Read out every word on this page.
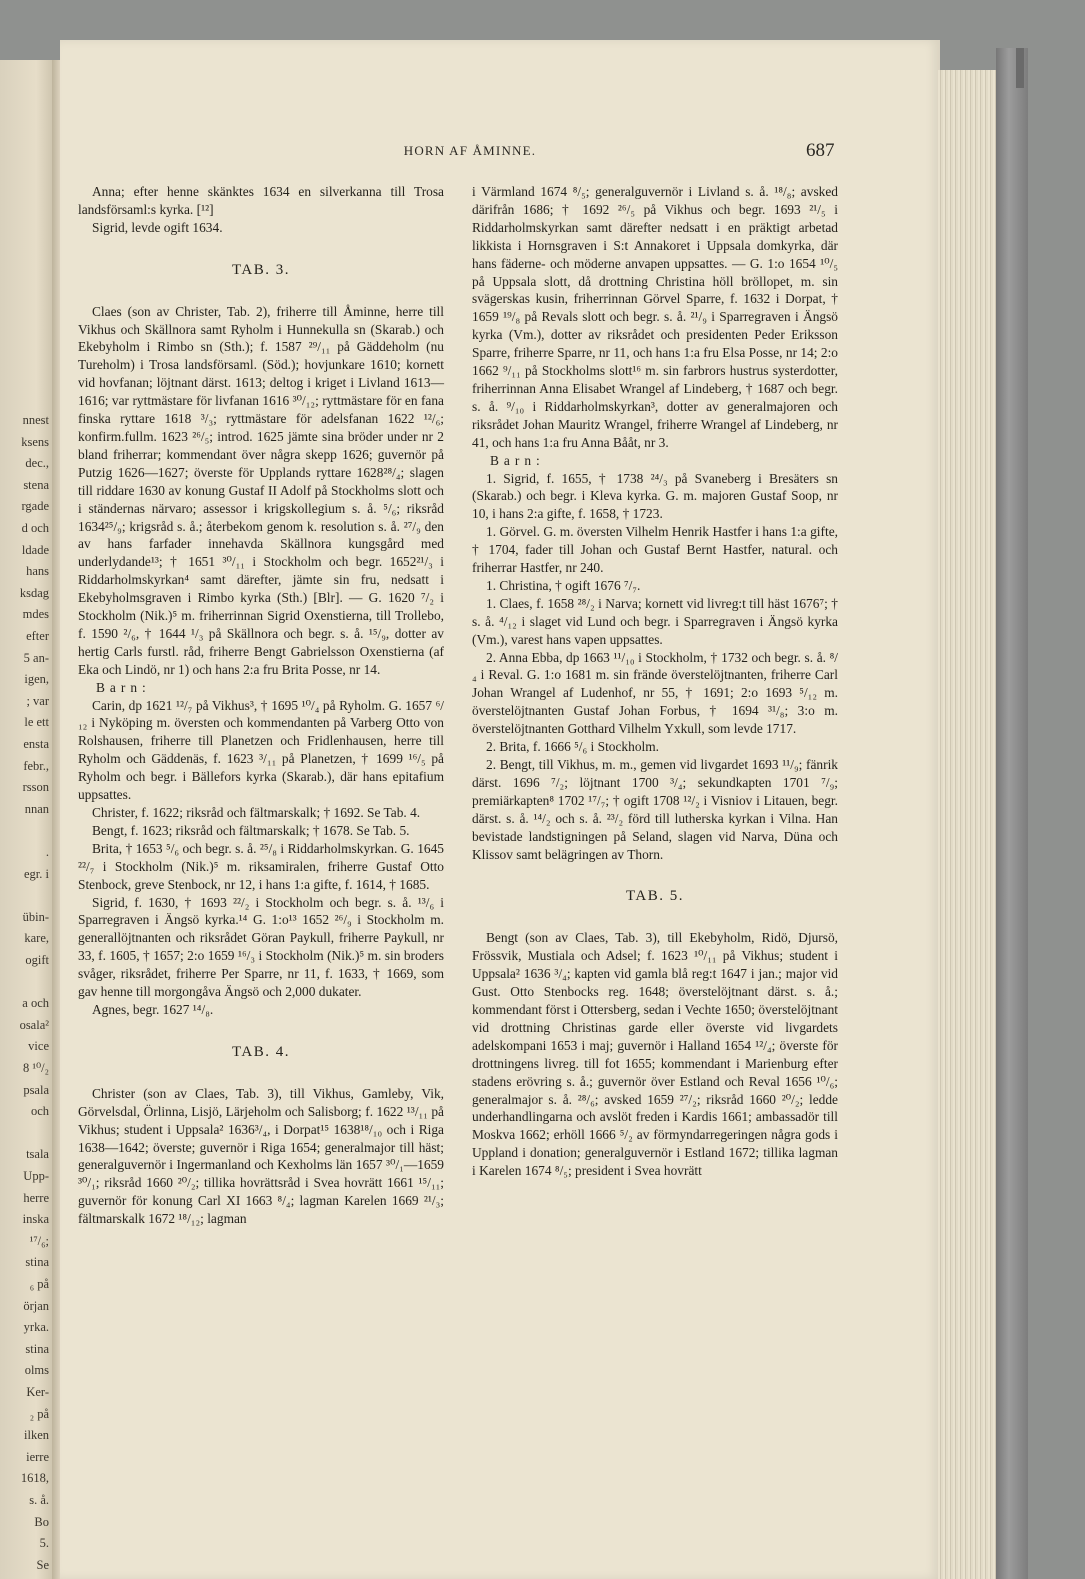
nnest
ksens
dec.,
stena
rgade
d och
ldade
hans
ksdag
mdes
efter
5 an-
igen,
; var
le ett
ensta
febr.,
rsson
nnan
.
egr. i
übin-
kare,
ogift
a och
osala²
vice
8 ¹⁰/₂
psala
och
tsala
Upp-
herre
inska
¹⁷/₆;
stina
₆ på
örjan
yrka.
stina
olms
Ker-
₂ på
ilken
ierre
1618,
s. å.
Bo
5.
Se
HORN AF ÅMINNE.	687

Anna; efter henne skänktes 1634 en silverkanna till Trosa landsförsaml:s kyrka. [¹²]

Sigrid, levde ogift 1634.

TAB. 3.

Claes (son av Christer, Tab. 2), friherre till Åminne, herre till Vikhus och Skällnora samt Ryholm i Hunnekulla sn (Skarab.) och Ekebyholm i Rimbo sn (Sth.); f. 1587 ²⁹/₁₁ på Gäddeholm (nu Tureholm) i Trosa landsförsaml. (Söd.); hovjunkare 1610; kornett vid hovfanan; löjtnant därst. 1613; deltog i kriget i Livland 1613—1616; var ryttmästare för livfanan 1616 ³⁰/₁₂; ryttmästare för en fana finska ryttare 1618 ³/₃; ryttmästare för adelsfanan 1622 ¹²/₆; konfirm.fullm. 1623 ²⁶/₅; introd. 1625 jämte sina bröder under nr 2 bland friherrar; kommendant över några skepp 1626; guvernör på Putzig 1626—1627; överste för Upplands ryttare 1628²⁸/₄; slagen till riddare 1630 av konung Gustaf II Adolf på Stockholms slott och i ständernas närvaro; assessor i krigskollegium s. å. ⁵/₆; riksråd 1634²⁵/₉; krigsråd s. å.; återbekom genom k. resolution s. å. ²⁷/₉ den av hans farfader innehavda Skällnora kungsgård med underlydande¹³; † 1651 ³⁰/₁₁ i Stockholm och begr. 1652²¹/₃ i Riddarholmskyrkan⁴ samt därefter, jämte sin fru, nedsatt i Ekebyholmsgraven i Rimbo kyrka (Sth.) [Blr]. — G. 1620 ⁷/₂ i Stockholm (Nik.)⁵ m. friherrinnan Sigrid Oxenstierna, till Trollebo, f. 1590 ²/₆, † 1644 ¹/₃ på Skällnora och begr. s. å. ¹⁵/₉, dotter av hertig Carls furstl. råd, friherre Bengt Gabrielsson Oxenstierna (af Eka och Lindö, nr 1) och hans 2:a fru Brita Posse, nr 14.

Barn:

Carin, dp 1621 ¹²/₇ på Vikhus³, † 1695 ¹⁰/₄ på Ryholm. G. 1657 ⁶/₁₂ i Nyköping m. översten och kommendanten på Varberg Otto von Rolshausen, friherre till Planetzen och Fridlenhausen, herre till Ryholm och Gäddenäs, f. 1623 ³/₁₁ på Planetzen, † 1699 ¹⁶/₅ på Ryholm och begr. i Bällefors kyrka (Skarab.), där hans epitafium uppsattes.

Christer, f. 1622; riksråd och fältmarskalk; † 1692. Se Tab. 4.

Bengt, f. 1623; riksråd och fältmarskalk; † 1678. Se Tab. 5.

Brita, † 1653 ⁵/₆ och begr. s. å. ²⁵/₈ i Riddarholmskyrkan. G. 1645 ²²/₇ i Stockholm (Nik.)⁵ m. riksamiralen, friherre Gustaf Otto Stenbock, greve Stenbock, nr 12, i hans 1:a gifte, f. 1614, † 1685.

Sigrid, f. 1630, † 1693 ²²/₂ i Stockholm och begr. s. å. ¹³/₆ i Sparregraven i Ängsö kyrka.¹⁴ G. 1:o¹³ 1652 ²⁶/₉ i Stockholm m. generallöjtnanten och riksrådet Göran Paykull, friherre Paykull, nr 33, f. 1605, † 1657; 2:o 1659 ¹⁶/₃ i Stockholm (Nik.)⁵ m. sin broders svåger, riksrådet, friherre Per Sparre, nr 11, f. 1633, † 1669, som gav henne till morgongåva Ängsö och 2,000 dukater.

Agnes, begr. 1627 ¹⁴/₈.

TAB. 4.

Christer (son av Claes, Tab. 3), till Vikhus, Gamleby, Vik, Görvelsdal, Örlinna, Lisjö, Lärjeholm och Salisborg; f. 1622 ¹³/₁₁ på Vikhus; student i Uppsala² 1636³/₄, i Dorpat¹⁵ 1638¹⁸/₁₀ och i Riga 1638—1642; överste; guvernör i Riga 1654; generalmajor till häst; generalguvernör i Ingermanland och Kexholms län 1657 ³⁰/₁—1659 ³⁰/₁; riksråd 1660 ²⁰/₂; tillika hovrättsråd i Svea hovrätt 1661 ¹⁵/₁₁; guvernör för konung Carl XI 1663 ⁸/₄; lagman Karelen 1669 ²¹/₃; fältmarskalk 1672 ¹⁸/₁₂; lagman

i Värmland 1674 ⁸/₅; generalguvernör i Livland s. å. ¹⁸/₈; avsked därifrån 1686; † 1692 ²⁶/₅ på Vikhus och begr. 1693 ²¹/₅ i Riddarholmskyrkan samt därefter nedsatt i en präktigt arbetad likkista i Hornsgraven i S:t Annakoret i Uppsala domkyrka, där hans fäderne- och möderne anvapen uppsattes. — G. 1:o 1654 ¹⁰/₅ på Uppsala slott, då drottning Christina höll bröllopet, m. sin svägerskas kusin, friherrinnan Görvel Sparre, f. 1632 i Dorpat, † 1659 ¹⁹/₈ på Revals slott och begr. s. å. ²¹/₉ i Sparregraven i Ängsö kyrka (Vm.), dotter av riksrådet och presidenten Peder Eriksson Sparre, friherre Sparre, nr 11, och hans 1:a fru Elsa Posse, nr 14; 2:o 1662 ⁹/₁₁ på Stockholms slott¹⁶ m. sin farbrors hustrus systerdotter, friherrinnan Anna Elisabet Wrangel af Lindeberg, † 1687 och begr. s. å. ⁹/₁₀ i Riddarholmskyrkan³, dotter av generalmajoren och riksrådet Johan Mauritz Wrangel, friherre Wrangel af Lindeberg, nr 41, och hans 1:a fru Anna Bååt, nr 3.

Barn:

1. Sigrid, f. 1655, † 1738 ²⁴/₃ på Svaneberg i Bresäters sn (Skarab.) och begr. i Kleva kyrka. G. m. majoren Gustaf Soop, nr 10, i hans 2:a gifte, f. 1658, † 1723.

1. Görvel. G. m. översten Vilhelm Henrik Hastfer i hans 1:a gifte, † 1704, fader till Johan och Gustaf Bernt Hastfer, natural. och friherrar Hastfer, nr 240.

1. Christina, † ogift 1676 ⁷/₇.

1. Claes, f. 1658 ²⁸/₂ i Narva; kornett vid livreg:t till häst 1676⁷; † s. å. ⁴/₁₂ i slaget vid Lund och begr. i Sparregraven i Ängsö kyrka (Vm.), varest hans vapen uppsattes.

2. Anna Ebba, dp 1663 ¹¹/₁₀ i Stockholm, † 1732 och begr. s. å. ⁸/₄ i Reval. G. 1:o 1681 m. sin frände överstelöjtnanten, friherre Carl Johan Wrangel af Ludenhof, nr 55, † 1691; 2:o 1693 ⁵/₁₂ m. överstelöjtnanten Gustaf Johan Forbus, † 1694 ³¹/₈; 3:o m. överstelöjtnanten Gotthard Vilhelm Yxkull, som levde 1717.

2. Brita, f. 1666 ⁵/₆ i Stockholm.

2. Bengt, till Vikhus, m. m., gemen vid livgardet 1693 ¹¹/₉; fänrik därst. 1696 ⁷/₂; löjtnant 1700 ³/₄; sekundkapten 1701 ⁷/₉; premiärkapten⁸ 1702 ¹⁷/₇; † ogift 1708 ¹²/₂ i Visniov i Litauen, begr. därst. s. å. ¹⁴/₂ och s. å. ²³/₂ förd till lutherska kyrkan i Vilna. Han bevistade landstigningen på Seland, slagen vid Narva, Düna och Klissov samt belägringen av Thorn.

TAB. 5.

Bengt (son av Claes, Tab. 3), till Ekebyholm, Ridö, Djursö, Frössvik, Mustiala och Adsel; f. 1623 ¹⁰/₁₁ på Vikhus; student i Uppsala² 1636 ³/₄; kapten vid gamla blå reg:t 1647 i jan.; major vid Gust. Otto Stenbocks reg. 1648; överstelöjtnant därst. s. å.; kommendant först i Ottersberg, sedan i Vechte 1650; överstelöjtnant vid drottning Christinas garde eller överste vid livgardets adelskompani 1653 i maj; guvernör i Halland 1654 ¹²/₄; överste för drottningens livreg. till fot 1655; kommendant i Marienburg efter stadens erövring s. å.; guvernör över Estland och Reval 1656 ¹⁰/₆; generalmajor s. å. ²⁸/₆; avsked 1659 ²⁷/₂; riksråd 1660 ²⁰/₂; ledde underhandlingarna och avslöt freden i Kardis 1661; ambassadör till Moskva 1662; erhöll 1666 ⁵/₂ av förmyndarregeringen några gods i Uppland i donation; generalguvernör i Estland 1672; tillika lagman i Karelen 1674 ⁸/₅; president i Svea hovrätt
